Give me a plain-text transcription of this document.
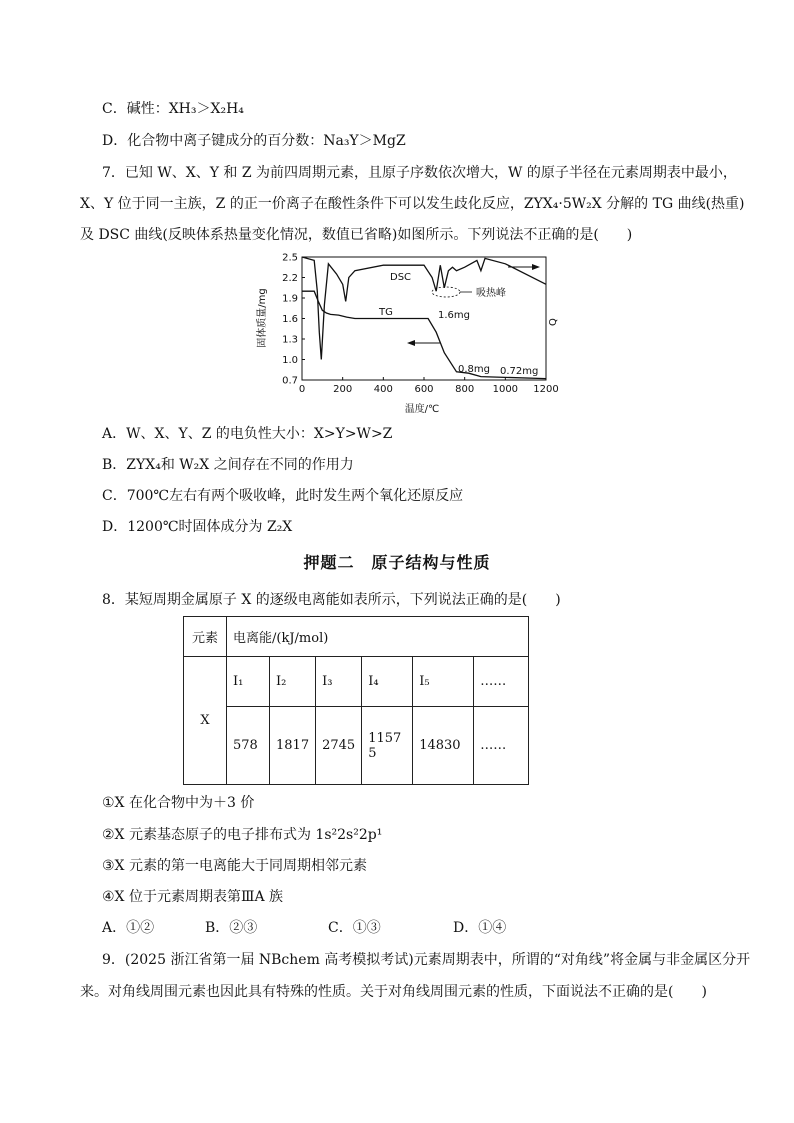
C．碱性：XH₃＞X₂H₄
D．化合物中离子键成分的百分数：Na₃Y＞MgZ
7．已知 W、X、Y 和 Z 为前四周期元素，且原子序数依次增大，W 的原子半径在元素周期表中最小，
X、Y 位于同一主族，Z 的正一价离子在酸性条件下可以发生歧化反应，ZYX₄·5W₂X 分解的 TG 曲线(热重)
及 DSC 曲线(反映体系热量变化情况，数值已省略)如图所示。下列说法不正确的是(　　)
0.7
1.0
1.3
1.6
1.9
2.2
2.5
0	200 400 600 800 1000 1200
固体质量/mg
温度/℃
Q
DSC
TG	1.6mg
0.8mg 0.72mg
吸热峰
A．W、X、Y、Z 的电负性大小：X>Y>W>Z
B．ZYX₄和 W₂X 之间存在不同的作用力
C．700℃左右有两个吸收峰，此时发生两个氧化还原反应
D．1200℃时固体成分为 Z₂X
押题二　原子结构与性质
8．某短周期金属原子 X 的逐级电离能如表所示，下列说法正确的是(　　)
元素	电离能/(kJ/mol)					
X	I₁	I₂	I₃	I₄	I₅	……
	578	1817	2745	11575	14830	……
①X 在化合物中为＋3 价
②X 元素基态原子的电子排布式为 1s²2s²2p¹
③X 元素的第一电离能大于同周期相邻元素
④X 位于元素周期表第ⅢA 族
A．①②	B．②③	C．①③	D．①④
9．(2025 浙江省第一届 NBchem 高考模拟考试)元素周期表中，所谓的“对角线”将金属与非金属区分开
来。对角线周围元素也因此具有特殊的性质。关于对角线周围元素的性质，下面说法不正确的是(　　)
